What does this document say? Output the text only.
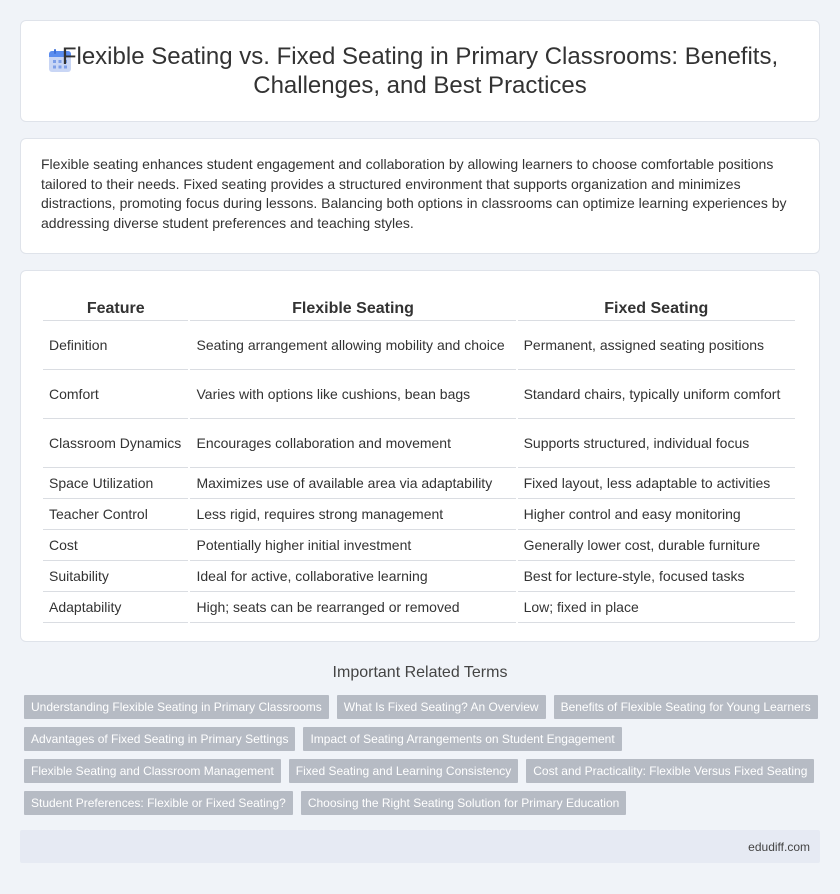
Flexible Seating vs. Fixed Seating in Primary Classrooms: Benefits, Challenges, and Best Practices

Flexible seating enhances student engagement and collaboration by allowing learners to choose comfortable positions tailored to their needs. Fixed seating provides a structured environment that supports organization and minimizes distractions, promoting focus during lessons. Balancing both options in classrooms can optimize learning experiences by addressing diverse student preferences and teaching styles.

Feature	Flexible Seating	Fixed Seating
Definition	Seating arrangement allowing mobility and choice	Permanent, assigned seating positions
Comfort	Varies with options like cushions, bean bags	Standard chairs, typically uniform comfort
Classroom Dynamics	Encourages collaboration and movement	Supports structured, individual focus
Space Utilization	Maximizes use of available area via adaptability	Fixed layout, less adaptable to activities
Teacher Control	Less rigid, requires strong management	Higher control and easy monitoring
Cost	Potentially higher initial investment	Generally lower cost, durable furniture
Suitability	Ideal for active, collaborative learning	Best for lecture-style, focused tasks
Adaptability	High; seats can be rearranged or removed	Low; fixed in place
Important Related Terms
Understanding Flexible Seating in Primary Classrooms	What Is Fixed Seating? An Overview	Benefits of Flexible Seating for Young Learners
Advantages of Fixed Seating in Primary Settings	Impact of Seating Arrangements on Student Engagement
Flexible Seating and Classroom Management	Fixed Seating and Learning Consistency	Cost and Practicality: Flexible Versus Fixed Seating
Student Preferences: Flexible or Fixed Seating?	Choosing the Right Seating Solution for Primary Education
edudiff.com
